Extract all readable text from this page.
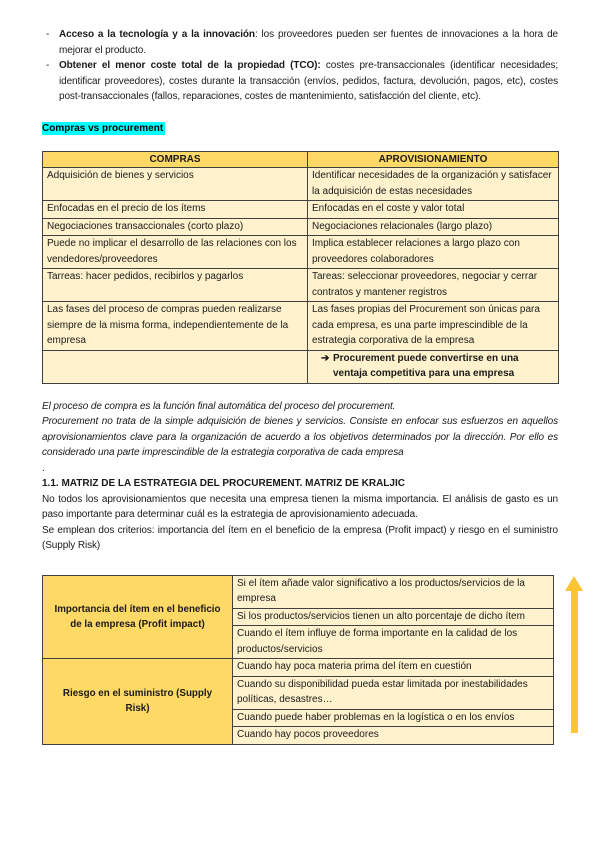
- Acceso a la tecnología y a la innovación: los proveedores pueden ser fuentes de innovaciones a la hora de mejorar el producto.

- Obtener el menor coste total de la propiedad (TCO): costes pre-transaccionales (identificar necesidades; identificar proveedores), costes durante la transacción (envíos, pedidos, factura, devolución, pagos, etc), costes post-transaccionales (fallos, reparaciones, costes de mantenimiento, satisfacción del cliente, etc).

Compras vs procurement
COMPRAS	APROVISIONAMIENTO
Adquisición de bienes y servicios	Identificar necesidades de la organización y satisfacer la adquisición de estas necesidades
Enfocadas en el precio de los ítems	Enfocadas en el coste y valor total
Negociaciones transaccionales (corto plazo)	Negociaciones relacionales (largo plazo)
Puede no implicar el desarrollo de las relaciones con los vendedores/proveedores	Implica establecer relaciones a largo plazo con proveedores colaboradores
Tarreas: hacer pedidos, recibirlos y pagarlos	Tareas: seleccionar proveedores, negociar y cerrar contratos y mantener registros
Las fases del proceso de compras pueden realizarse siempre de la misma forma, independientemente de la empresa	Las fases propias del Procurement son únicas para cada empresa, es una parte imprescindible de la estrategia corporativa de la empresa

	➔ Procurement puede convertirse en una ventaja competitiva para una empresa

El proceso de compra es la función final automática del proceso del procurement.

Procurement no trata de la simple adquisición de bienes y servicios. Consiste en enfocar sus esfuerzos en aquellos aprovisionamientos clave para la organización de acuerdo a los objetivos determinados por la dirección. Por ello es considerado una parte imprescindible de la estrategia corporativa de cada empresa

.

1.1. MATRIZ DE LA ESTRATEGIA DEL PROCUREMENT. MATRIZ DE KRALJIC

No todos los aprovisionamientos que necesita una empresa tienen la misma importancia. El análisis de gasto es un paso importante para determinar cuál es la estrategia de aprovisionamiento adecuada.

Se emplean dos criterios: importancia del ítem en el beneficio de la empresa (Profit impact) y riesgo en el suministro (Supply Risk)

Importancia del ítem en el beneficio de la empresa (Profit impact)	Si el ítem añade valor significativo a los productos/servicios de la empresa
	Si los productos/servicios tienen un alto porcentaje de dicho ítem
	Cuando el ítem influye de forma importante en la calidad de los productos/servicios
Riesgo en el suministro (Supply Risk)	Cuando hay poca materia prima del ítem en cuestión
	Cuando su disponibilidad pueda estar limitada por inestabilidades políticas, desastres…
	Cuando puede haber problemas en la logística o en los envíos
	Cuando hay pocos proveedores
